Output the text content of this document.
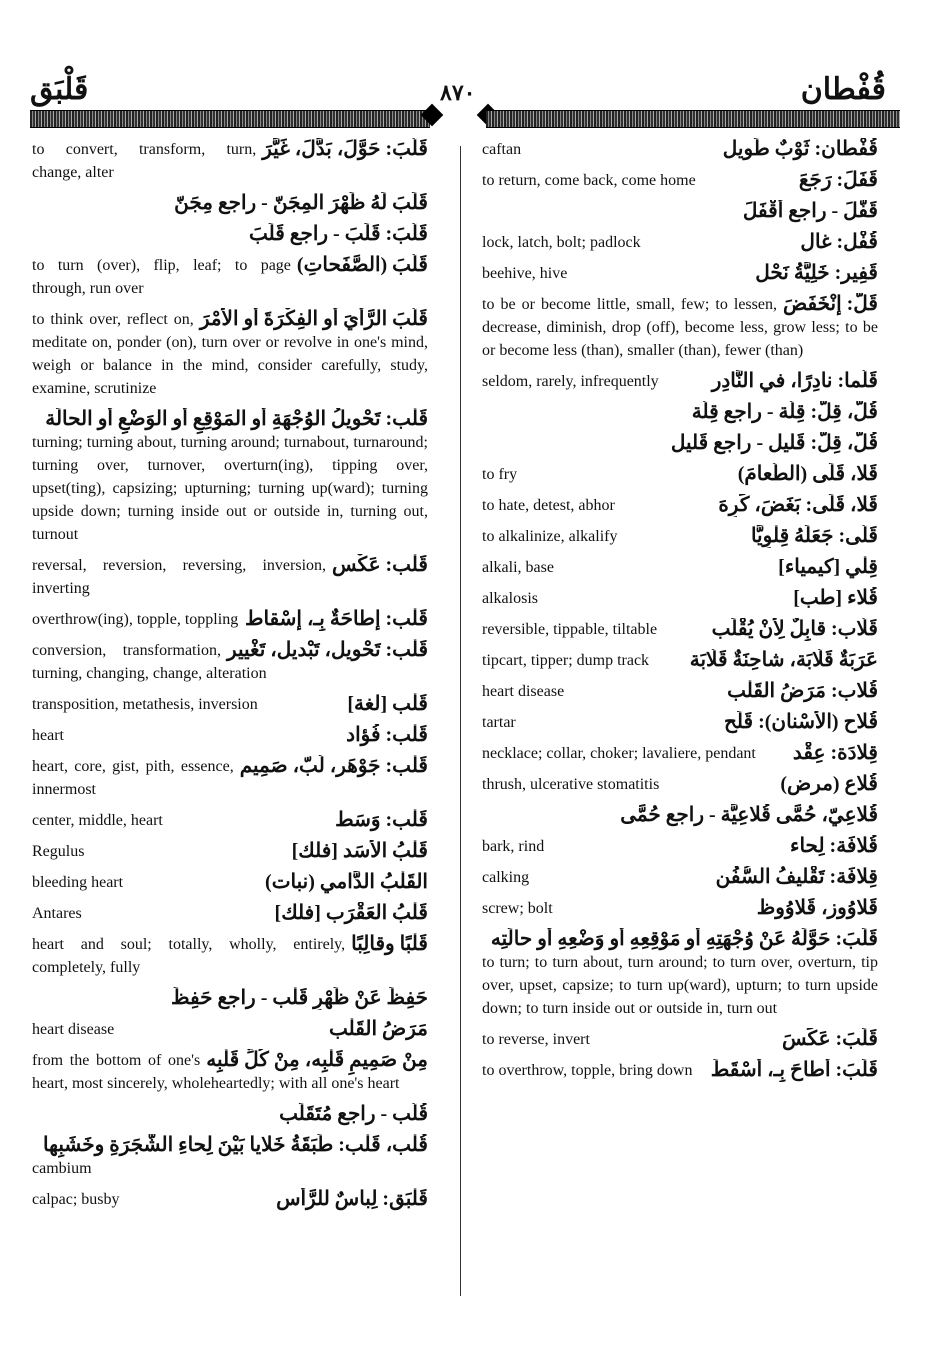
قَلْبَق	٨٧٠	قُفْطان
قَلَّبَ: حَوَّلَ، بَدَّلَ، غَيَّرَ
to convert, transform, turn, change, alter
قَلَبَ لَهُ ظَهْرَ المِجَنّ - راجع مِجَنّ
قَلَّبَ: قَلَبَ - راجع قَلَبَ
قَلَّبَ (الصَّفَحاتِ)
to turn (over), flip, leaf; to page through, run over
قَلَّبَ الرَّأْيَ أَو الفِكْرَةَ أَو الأَمْرَ
to think over, reflect on, meditate on, ponder (on), turn over or revolve in one's mind, weigh or balance in the mind, consider carefully, study, examine, scrutinize
قَلْب: تَحْويلُ الوُجْهَةِ أَو المَوْقِعِ أَو الوَضْعِ أَو الحالَة
turning; turning about, turning around; turnabout, turnaround; turning over, turnover, overturn(ing), tipping over, upset(ting), capsizing; upturning; turning up(ward); turning upside down; turning inside out or outside in, turning out, turnout
قَلْب: عَكْس
reversal, reversion, reversing, inversion, inverting
قَلْب: إطاحَةٌ بِـ، إسْقاط
overthrow(ing), topple, toppling
قَلْب: تَحْويل، تَبْديل، تَغْيير
conversion, transformation, turning, changing, change, alteration
قَلْب [لغة]
transposition, metathesis, inversion
قَلْب: فُؤاد
heart
قَلْب: جَوْهَر، لُبّ، صَمِيم
heart, core, gist, pith, essence, innermost
قَلْب: وَسَط
center, middle, heart
قَلْبُ الأَسَد [فلك]
Regulus
القَلْبُ الدَّامي (نبات)
bleeding heart
قَلْبُ العَقْرَب [فلك]
Antares
قَلْبًا وقالِبًا
heart and soul; totally, wholly, entirely, completely, fully
حَفِظَ عَنْ ظَهْرِ قَلْب - راجع حَفِظَ
مَرَضُ القَلْب
heart disease
مِنْ صَمِيمِ قَلْبِه، مِنْ كُلِّ قَلْبِه
from the bottom of one's heart, most sincerely, wholeheartedly; with all one's heart
قُلَّب - راجع مُتَقَلِّب
قُلْب، قَلْب: طَبَقَةُ خَلايا بَيْنَ لِحاءِ الشَّجَرَةِ وخَشَبِها
cambium
قَلْبَق: لِباسٌ للرَّأْس
calpac; busby
قُفْطان: ثَوْبٌ طَويل
caftan
قَفَلَ: رَجَعَ
to return, come back, come home
قَفَّلَ - راجع أَقْفَلَ
قُفْل: غال
lock, latch, bolt; padlock
قَفِير: خَلِيَّةُ نَحْل
beehive, hive
قَلَّ: إنْخَفَضَ
to be or become little, small, few; to lessen, decrease, diminish, drop (off), become less, grow less; to be or become less (than), smaller (than), fewer (than)
قَلَّما: نادِرًا، في النَّادِر
seldom, rarely, infrequently
قُلّ، قِلّ: قِلَّة - راجع قِلَّة
قُلّ، قِلّ: قَليل - راجع قَليل
قَلا، قَلَى (الطَّعامَ)
to fry
قَلا، قَلَى: بَغَضَ، كَرِهَ
to hate, detest, abhor
قَلَّى: جَعَلَهُ قِلْوِيًّا
to alkalinize, alkalify
قِلْي [كيمياء]
alkali, base
قُلاء [طب]
alkalosis
قَلّاب: قابِلٌ لِأَنْ يُقْلَب
reversible, tippable, tiltable
عَرَبَةٌ قَلّابَة، شاحِنَةٌ قَلّابَة
tipcart, tipper; dump track
قُلاب: مَرَضُ القَلْب
heart disease
قُلاح (الأَسْنان): قَلَح
tartar
قِلادَة: عِقْد
necklace; collar, choker; lavaliere, pendant
قُلاع (مرض)
thrush, ulcerative stomatitis
قُلاعِيّ، حُمَّى قُلاعِيَّة - راجع حُمَّى
قُلافَة: لِحاء
bark, rind
قِلافَة: تَقْليفُ السُّفُن
calking
قَلاوُوز، قَلاوُوظ
screw; bolt
قَلَبَ: حَوَّلَهُ عَنْ وُجْهَتِهِ أَو مَوْقِعِهِ أَو وَضْعِهِ أَو حالَتِه
to turn; to turn about, turn around; to turn over, overturn, tip over, upset, capsize; to turn up(ward), upturn; to turn upside down; to turn inside out or outside in, turn out
قَلَبَ: عَكَسَ
to reverse, invert
قَلَبَ: أَطاحَ بِـ، أَسْقَطَ
to overthrow, topple, bring down
